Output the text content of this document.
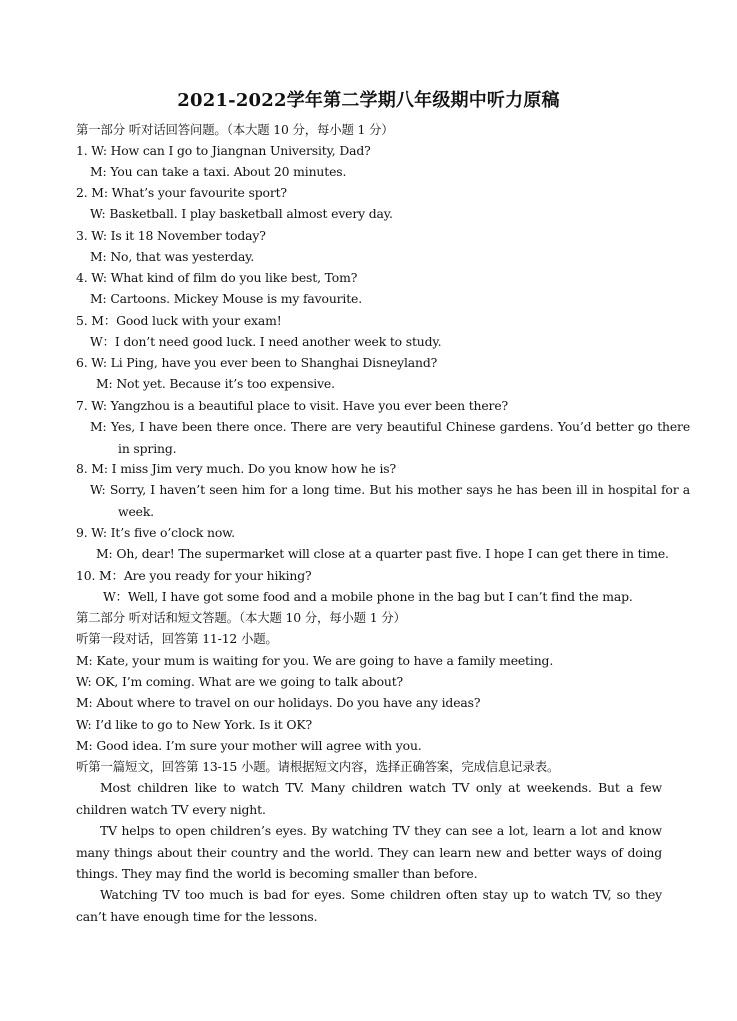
2021-2022学年第二学期八年级期中听力原稿
第一部分 听对话回答问题。（本大题 10 分，每小题 1 分）
1. W: How can I go to Jiangnan University, Dad?
M: You can take a taxi. About 20 minutes.
2. M: What’s your favourite sport?
W: Basketball. I play basketball almost every day.
3. W: Is it 18 November today?
M: No, that was yesterday.
4. W: What kind of film do you like best, Tom?
M: Cartoons. Mickey Mouse is my favourite.
5. M：Good luck with your exam!
W：I don’t need good luck. I need another week to study.
6. W: Li Ping, have you ever been to Shanghai Disneyland?
M: Not yet. Because it’s too expensive.
7. W: Yangzhou is a beautiful place to visit. Have you ever been there?
M: Yes, I have been there once. There are very beautiful Chinese gardens. You’d better go there in spring.
8. M: I miss Jim very much. Do you know how he is?
W: Sorry, I haven’t seen him for a long time. But his mother says he has been ill in hospital for a week.
9. W: It’s five o’clock now.
M: Oh, dear! The supermarket will close at a quarter past five. I hope I can get there in time.
10. M：Are you ready for your hiking?
W：Well, I have got some food and a mobile phone in the bag but I can’t find the map.
第二部分 听对话和短文答题。（本大题 10 分，每小题 1 分）
听第一段对话，回答第 11-12 小题。
M: Kate, your mum is waiting for you. We are going to have a family meeting.
W: OK, I’m coming. What are we going to talk about?
M: About where to travel on our holidays. Do you have any ideas?
W: I’d like to go to New York. Is it OK?
M: Good idea. I’m sure your mother will agree with you.
听第一篇短文，回答第 13-15 小题。请根据短文内容，选择正确答案，完成信息记录表。
Most children like to watch TV. Many children watch TV only at weekends. But a few children watch TV every night.
TV helps to open children’s eyes. By watching TV they can see a lot, learn a lot and know many things about their country and the world. They can learn new and better ways of doing things. They may find the world is becoming smaller than before.
Watching TV too much is bad for eyes. Some children often stay up to watch TV, so they can’t have enough time for the lessons.
